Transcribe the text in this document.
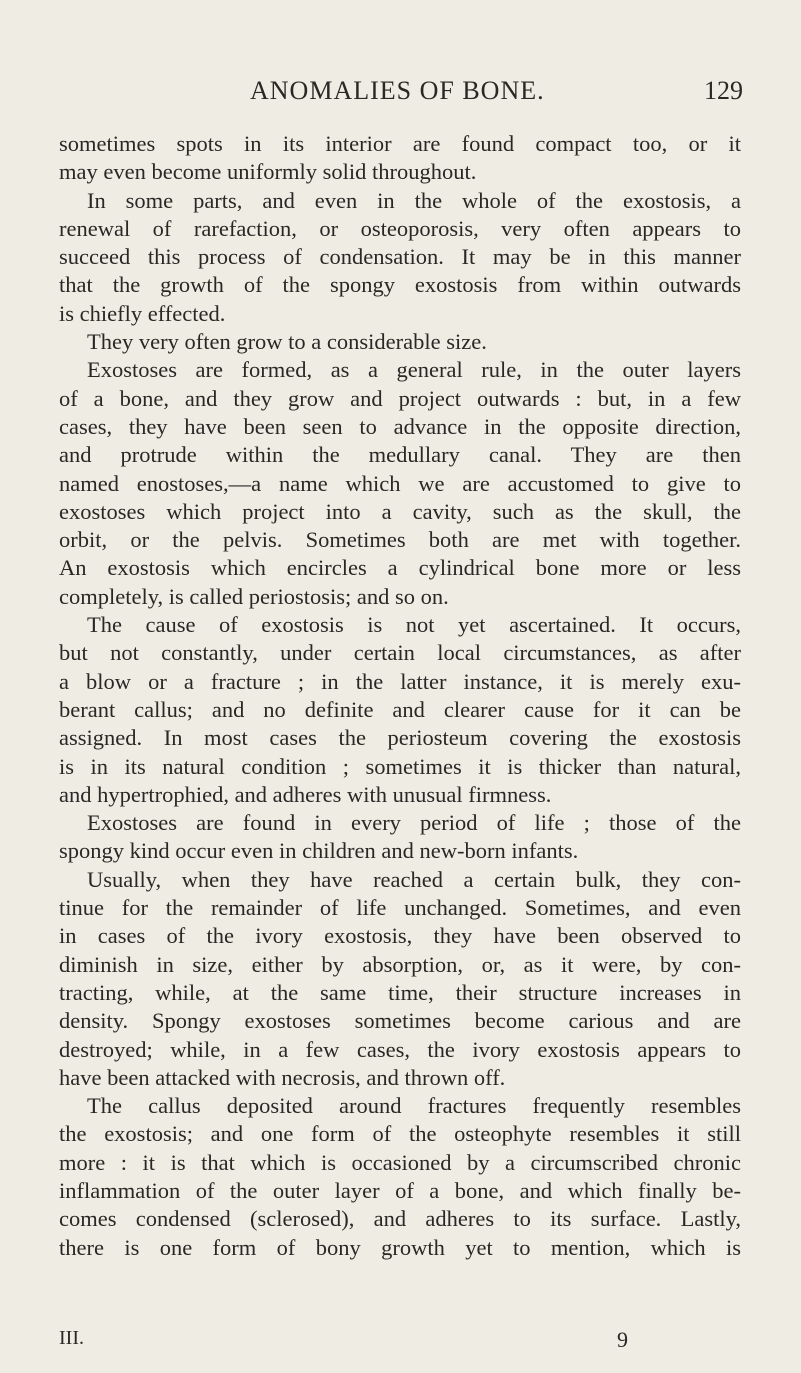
ANOMALIES OF BONE.	129
sometimes spots in its interior are found compact too, or it
may even become uniformly solid throughout.
In some parts, and even in the whole of the exostosis, a
renewal of rarefaction, or osteoporosis, very often appears to
succeed this process of condensation. It may be in this manner
that the growth of the spongy exostosis from within outwards
is chiefly effected.
They very often grow to a considerable size.
Exostoses are formed, as a general rule, in the outer layers
of a bone, and they grow and project outwards : but, in a few
cases, they have been seen to advance in the opposite direction,
and protrude within the medullary canal. They are then
named enostoses,—a name which we are accustomed to give to
exostoses which project into a cavity, such as the skull, the
orbit, or the pelvis. Sometimes both are met with together.
An exostosis which encircles a cylindrical bone more or less
completely, is called periostosis; and so on.
The cause of exostosis is not yet ascertained. It occurs,
but not constantly, under certain local circumstances, as after
a blow or a fracture ; in the latter instance, it is merely exu-
berant callus; and no definite and clearer cause for it can be
assigned. In most cases the periosteum covering the exostosis
is in its natural condition ; sometimes it is thicker than natural,
and hypertrophied, and adheres with unusual firmness.
Exostoses are found in every period of life ; those of the
spongy kind occur even in children and new-born infants.
Usually, when they have reached a certain bulk, they con-
tinue for the remainder of life unchanged. Sometimes, and even
in cases of the ivory exostosis, they have been observed to
diminish in size, either by absorption, or, as it were, by con-
tracting, while, at the same time, their structure increases in
density. Spongy exostoses sometimes become carious and are
destroyed; while, in a few cases, the ivory exostosis appears to
have been attacked with necrosis, and thrown off.
The callus deposited around fractures frequently resembles
the exostosis; and one form of the osteophyte resembles it still
more : it is that which is occasioned by a circumscribed chronic
inflammation of the outer layer of a bone, and which finally be-
comes condensed (sclerosed), and adheres to its surface. Lastly,
there is one form of bony growth yet to mention, which is
III.	9
